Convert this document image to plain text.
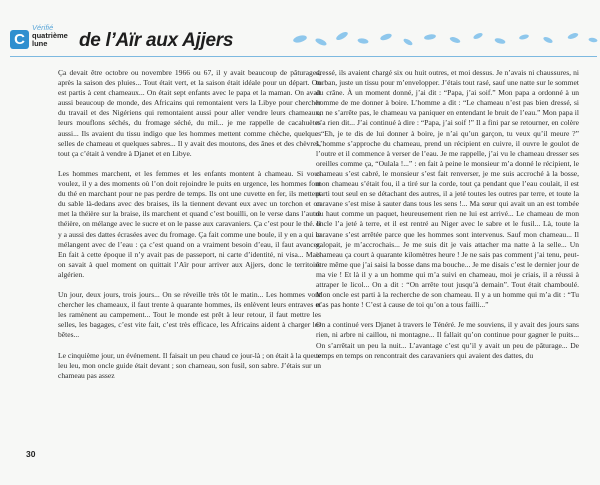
C
Vérifié
quatrième
lune	de l’Aïr aux Ajjers

Ça devait être octobre ou novembre 1966 ou 67, il y avait beaucoup de pâturages, après la saison des pluies... Tout était vert, et la saison était idéale pour un départ. On est partis à cent chameaux... On était sept enfants avec le papa et la maman. On avait aussi beaucoup de monde, des Africains qui remontaient vers la Libye pour chercher du travail et des Nigériens qui remontaient aussi pour aller vendre leurs chameaux, leurs mouflons séchés, du fromage séché, du mil... je me rappelle de cacahuètes aussi... Ils avaient du tissu indigo que les hommes mettent comme chèche, quelques selles de chameau et quelques sabres... Il y avait des moutons, des ânes et des chèvres, tout ça c’était à vendre à Djanet et en Libye.

Les hommes marchent, et les femmes et les enfants montent à chameau. Si vous voulez, il y a des moments où l’on doit rejoindre le puits en urgence, les hommes font du thé en marchant pour ne pas perdre de temps. Ils ont une cuvette en fer, ils mettent du sable là-dedans avec des braises, ils la tiennent devant eux avec un torchon et on met la théière sur la braise, ils marchent et quand c’est bouilli, on le verse dans l’autre théière, on mélange avec le sucre et on le passe aux caravaniers. Ça c’est pour le thé. Il y a aussi des dattes écrasées avec du fromage. Ça fait comme une boule, il y en a qui le mélangent avec de l’eau : ça c’est quand on a vraiment besoin d’eau, il faut avancer. En fait à cette époque il n’y avait pas de passeport, ni carte d’identité, ni visa... Mais on savait à quel moment on quittait l’Aïr pour arriver aux Ajjers, donc le territoire algérien.

Un jour, deux jours, trois jours... On se réveille très tôt le matin... Les hommes vont chercher les chameaux, il faut trente à quarante hommes, ils enlèvent leurs entraves et les ramènent au campement... Tout le monde est prêt à leur retour, il faut mettre les selles, les bagages, c’est vite fait, c’est très efficace, les Africains aident à charger les bêtes...

Le cinquième jour, un événement. Il faisait un peu chaud ce jour-là ; on était à la queue leu leu, mon oncle guide était devant ; son chameau, son fusil, son sabre. J’étais sur un chameau pas assez

dressé, ils avaient chargé six ou huit outres, et moi dessus. Je n’avais ni chaussures, ni turban, juste un tissu pour m’envelopper. J’étais tout rasé, sauf une natte sur le sommet du crâne. À un moment donné, j’ai dit : “Papa, j’ai soif.” Mon papa a ordonné à un homme de me donner à boire. L’homme a dit : “Le chameau n’est pas bien dressé, si on ne s’arrête pas, le chameau va paniquer en entendant le bruit de l’eau.” Mon papa il n’a rien dit... J’ai continué à dire : “Papa, j’ai soif !” Il a fini par se retourner, en colère : “Eh, je te dis de lui donner à boire, je n’ai qu’un garçon, tu veux qu’il meure ?” L’homme s’approche du chameau, prend un récipient en cuivre, il ouvre le goulot de l’outre et il commence à verser de l’eau. Je me rappelle, j’ai vu le chameau dresser ses oreilles comme ça, “Oulala !...” : en fait à peine le monsieur m’a donné le récipient, le chameau s’est cabré, le monsieur s’est fait renverser, je me suis accroché à la bosse, mon chameau s’était fou, il a tiré sur la corde, tout ça pendant que l’eau coulait, il est parti tout seul en se détachant des autres, il a jeté toutes les outres par terre, et toute la caravane s’est mise à sauter dans tous les sens !... Ma sœur qui avait un an est tombée du haut comme un paquet, heureusement rien ne lui est arrivé... Le chameau de mon oncle l’a jeté à terre, et il est rentré au Niger avec le sabre et le fusil... Là, toute la caravane s’est arrêtée parce que les hommes sont intervenus. Sauf mon chameau... Il galopait, je m’accrochais... Je me suis dit je vais attacher ma natte à la selle... Un chameau ça court à quarante kilomètres heure ! Je ne sais pas comment j’ai tenu, peut-être même que j’ai saisi la bosse dans ma bouche... Je me disais c’est le dernier jour de ma vie ! Et là il y a un homme qui m’a suivi en chameau, moi je criais, il a réussi à attraper le licol... On a dit : “On arrête tout jusqu’à demain”. Tout était chamboulé. Mon oncle est parti à la recherche de son chameau. Il y a un homme qui m’a dit : “Tu n’as pas honte ! C’est à cause de toi qu’on a tous failli...”

On a continué vers Djanet à travers le Ténéré. Je me souviens, il y avait des jours sans rien, ni arbre ni caillou, ni montagne... Il fallait qu’on continue pour gagner le puits... On s’arrêtait un peu la nuit... L’avantage c’est qu’il y avait un peu de pâturage... De temps en temps on rencontrait des caravaniers qui avaient des dattes, du

30
